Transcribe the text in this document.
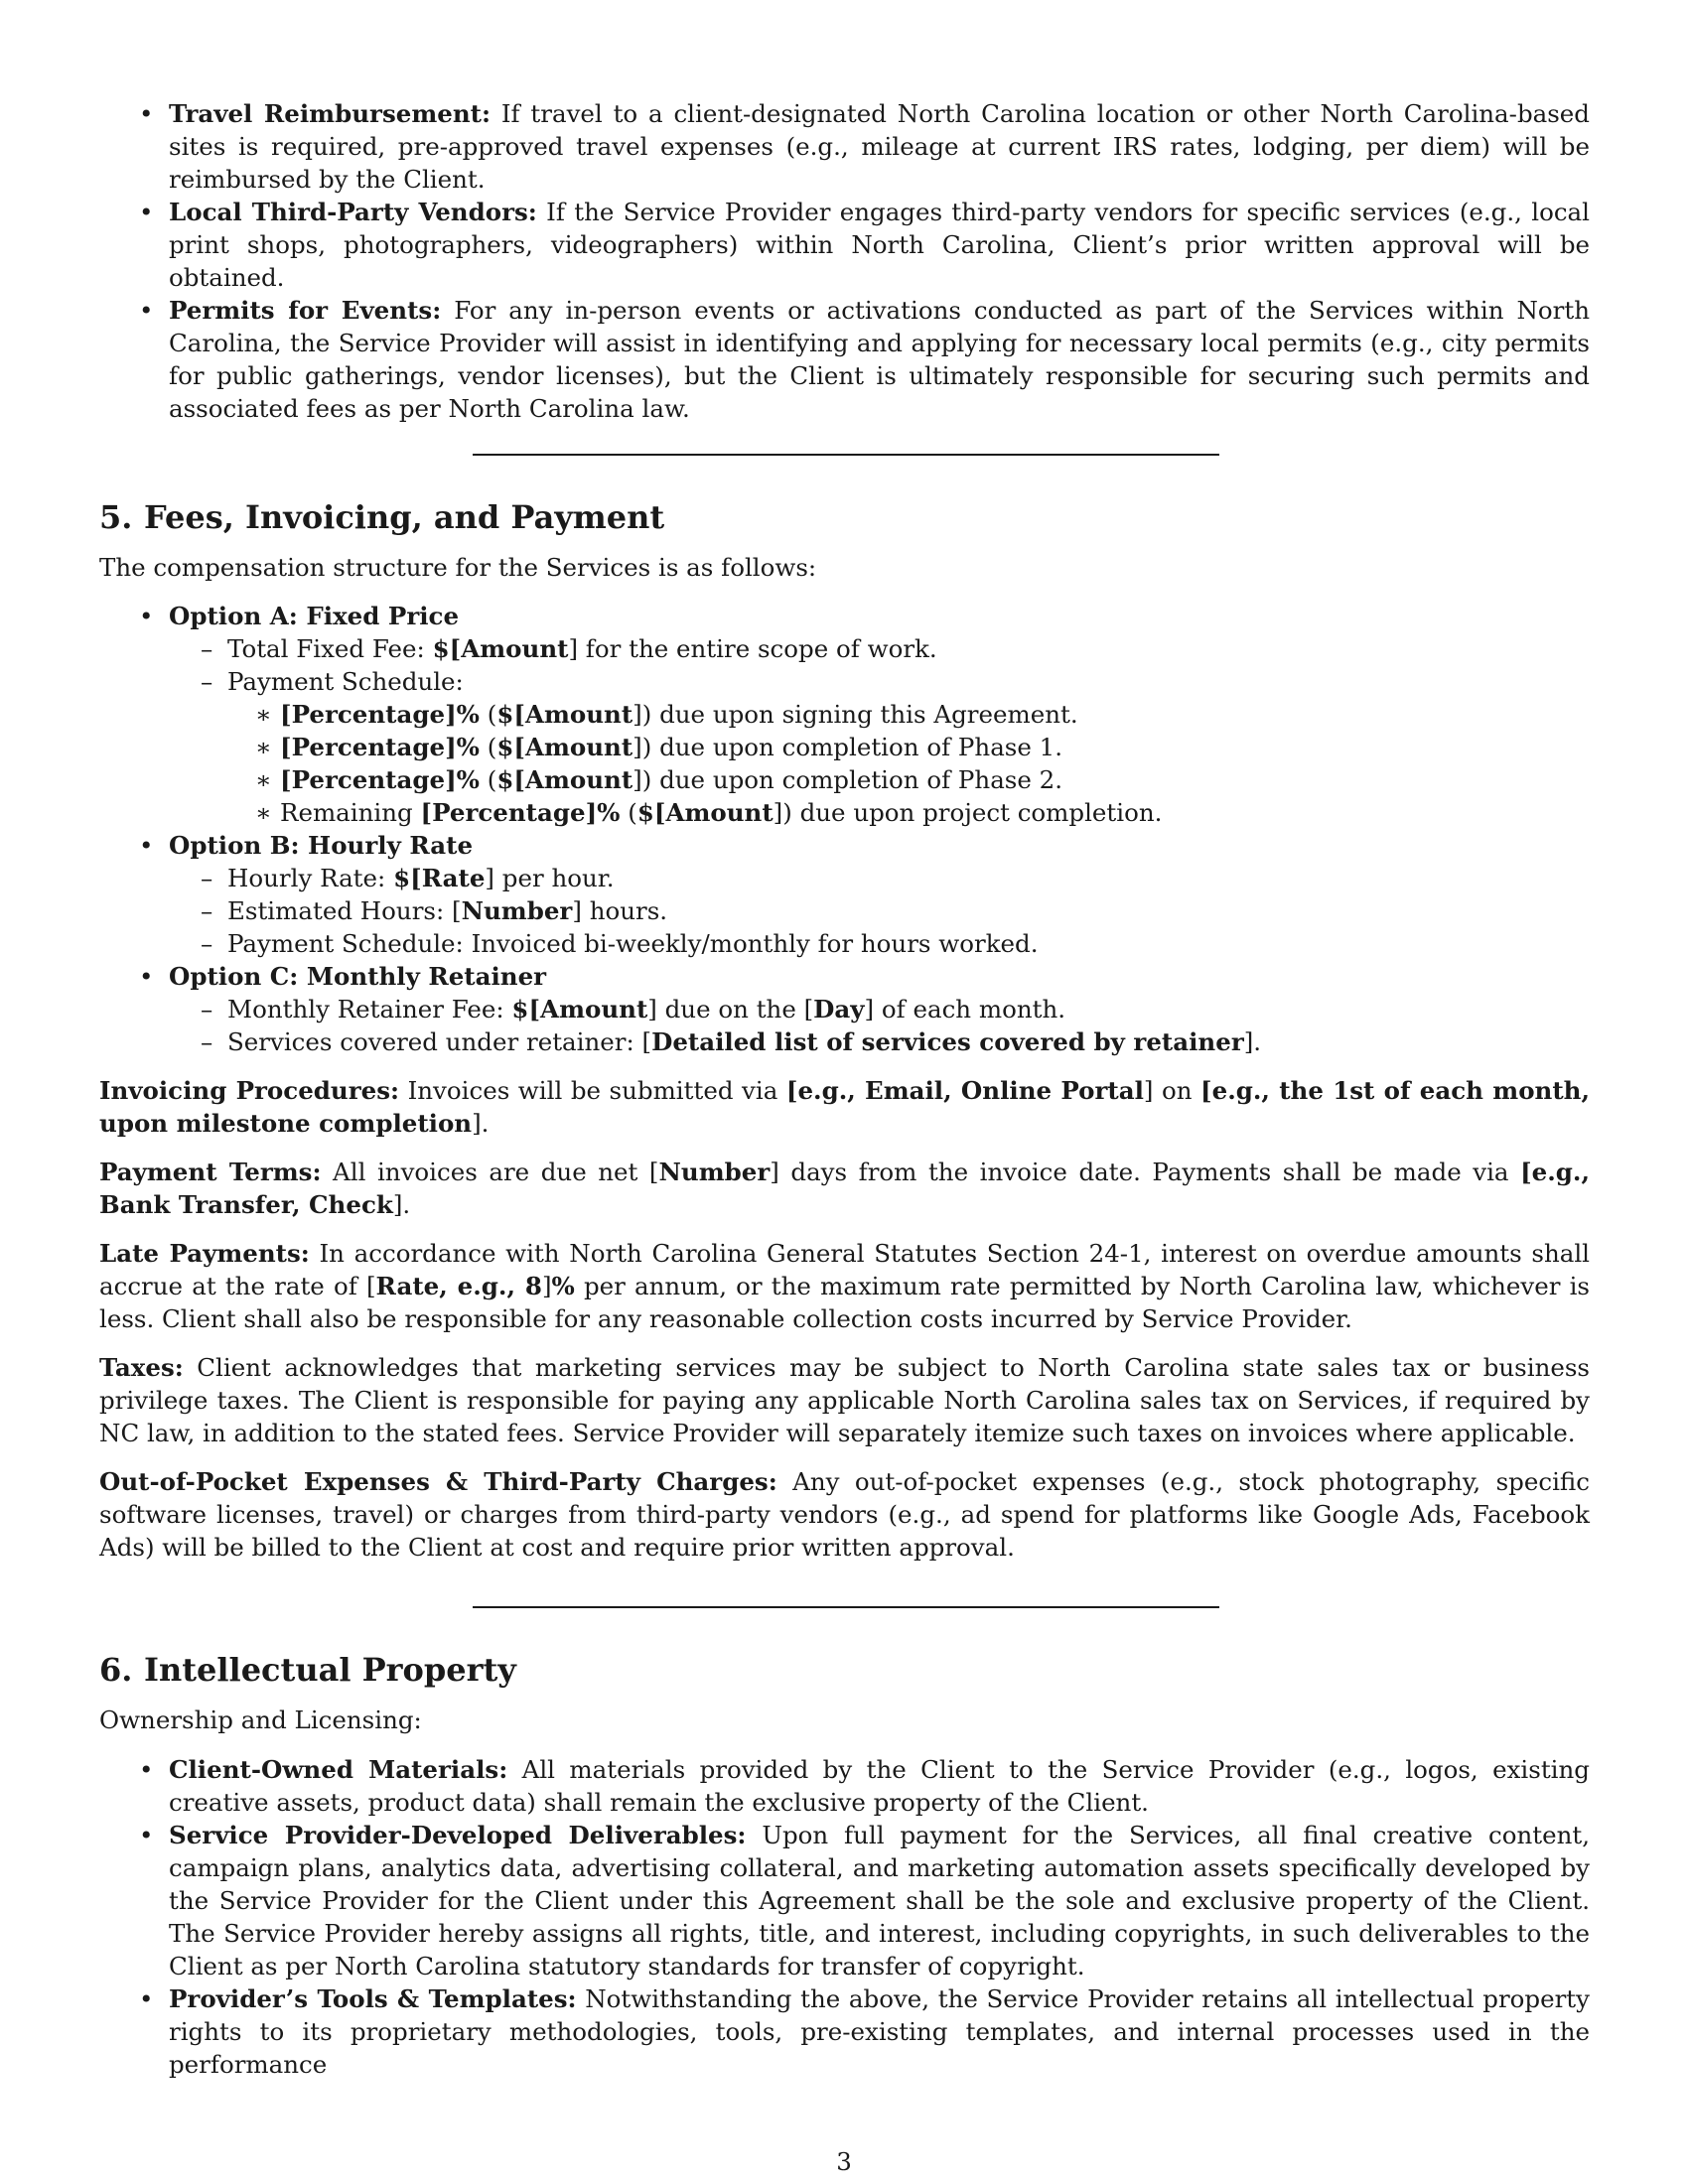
• Travel Reimbursement: If travel to a client-designated North Carolina location or other North Carolina-based sites is required, pre-approved travel expenses (e.g., mileage at current IRS rates, lodging, per diem) will be reimbursed by the Client.
• Local Third-Party Vendors: If the Service Provider engages third-party vendors for specific services (e.g., local print shops, photographers, videographers) within North Carolina, Client’s prior written approval will be obtained.
• Permits for Events: For any in-person events or activations conducted as part of the Services within North Carolina, the Service Provider will assist in identifying and applying for necessary local permits (e.g., city permits for public gatherings, vendor licenses), but the Client is ultimately responsible for securing such permits and associated fees as per North Carolina law.
5. Fees, Invoicing, and Payment

The compensation structure for the Services is as follows:

• Option A: Fixed Price
– Total Fixed Fee: $[Amount] for the entire scope of work.
– Payment Schedule:
∗ [Percentage]% ($[Amount]) due upon signing this Agreement.
∗ [Percentage]% ($[Amount]) due upon completion of Phase 1.
∗ [Percentage]% ($[Amount]) due upon completion of Phase 2.
∗ Remaining [Percentage]% ($[Amount]) due upon project completion.
• Option B: Hourly Rate
– Hourly Rate: $[Rate] per hour.
– Estimated Hours: [Number] hours.
– Payment Schedule: Invoiced bi-weekly/monthly for hours worked.
• Option C: Monthly Retainer
– Monthly Retainer Fee: $[Amount] due on the [Day] of each month.
– Services covered under retainer: [Detailed list of services covered by retainer].

Invoicing Procedures: Invoices will be submitted via [e.g., Email, Online Portal] on [e.g., the 1st of each month, upon milestone completion].

Payment Terms: All invoices are due net [Number] days from the invoice date. Payments shall be made via [e.g., Bank Transfer, Check].

Late Payments: In accordance with North Carolina General Statutes Section 24-1, interest on overdue amounts shall accrue at the rate of [Rate, e.g., 8]% per annum, or the maximum rate permitted by North Carolina law, whichever is less. Client shall also be responsible for any reasonable collection costs incurred by Service Provider.

Taxes: Client acknowledges that marketing services may be subject to North Carolina state sales tax or business privilege taxes. The Client is responsible for paying any applicable North Carolina sales tax on Services, if required by NC law, in addition to the stated fees. Service Provider will separately itemize such taxes on invoices where applicable.

Out-of-Pocket Expenses & Third-Party Charges: Any out-of-pocket expenses (e.g., stock photography, specific software licenses, travel) or charges from third-party vendors (e.g., ad spend for platforms like Google Ads, Facebook Ads) will be billed to the Client at cost and require prior written approval.

6. Intellectual Property

Ownership and Licensing:

• Client-Owned Materials: All materials provided by the Client to the Service Provider (e.g., logos, existing creative assets, product data) shall remain the exclusive property of the Client.
• Service Provider-Developed Deliverables: Upon full payment for the Services, all final creative content, campaign plans, analytics data, advertising collateral, and marketing automation assets specifically developed by the Service Provider for the Client under this Agreement shall be the sole and exclusive property of the Client. The Service Provider hereby assigns all rights, title, and interest, including copyrights, in such deliverables to the Client as per North Carolina statutory standards for transfer of copyright.
• Provider’s Tools & Templates: Notwithstanding the above, the Service Provider retains all intellectual property rights to its proprietary methodologies, tools, pre-existing templates, and internal processes used in the performance
3
